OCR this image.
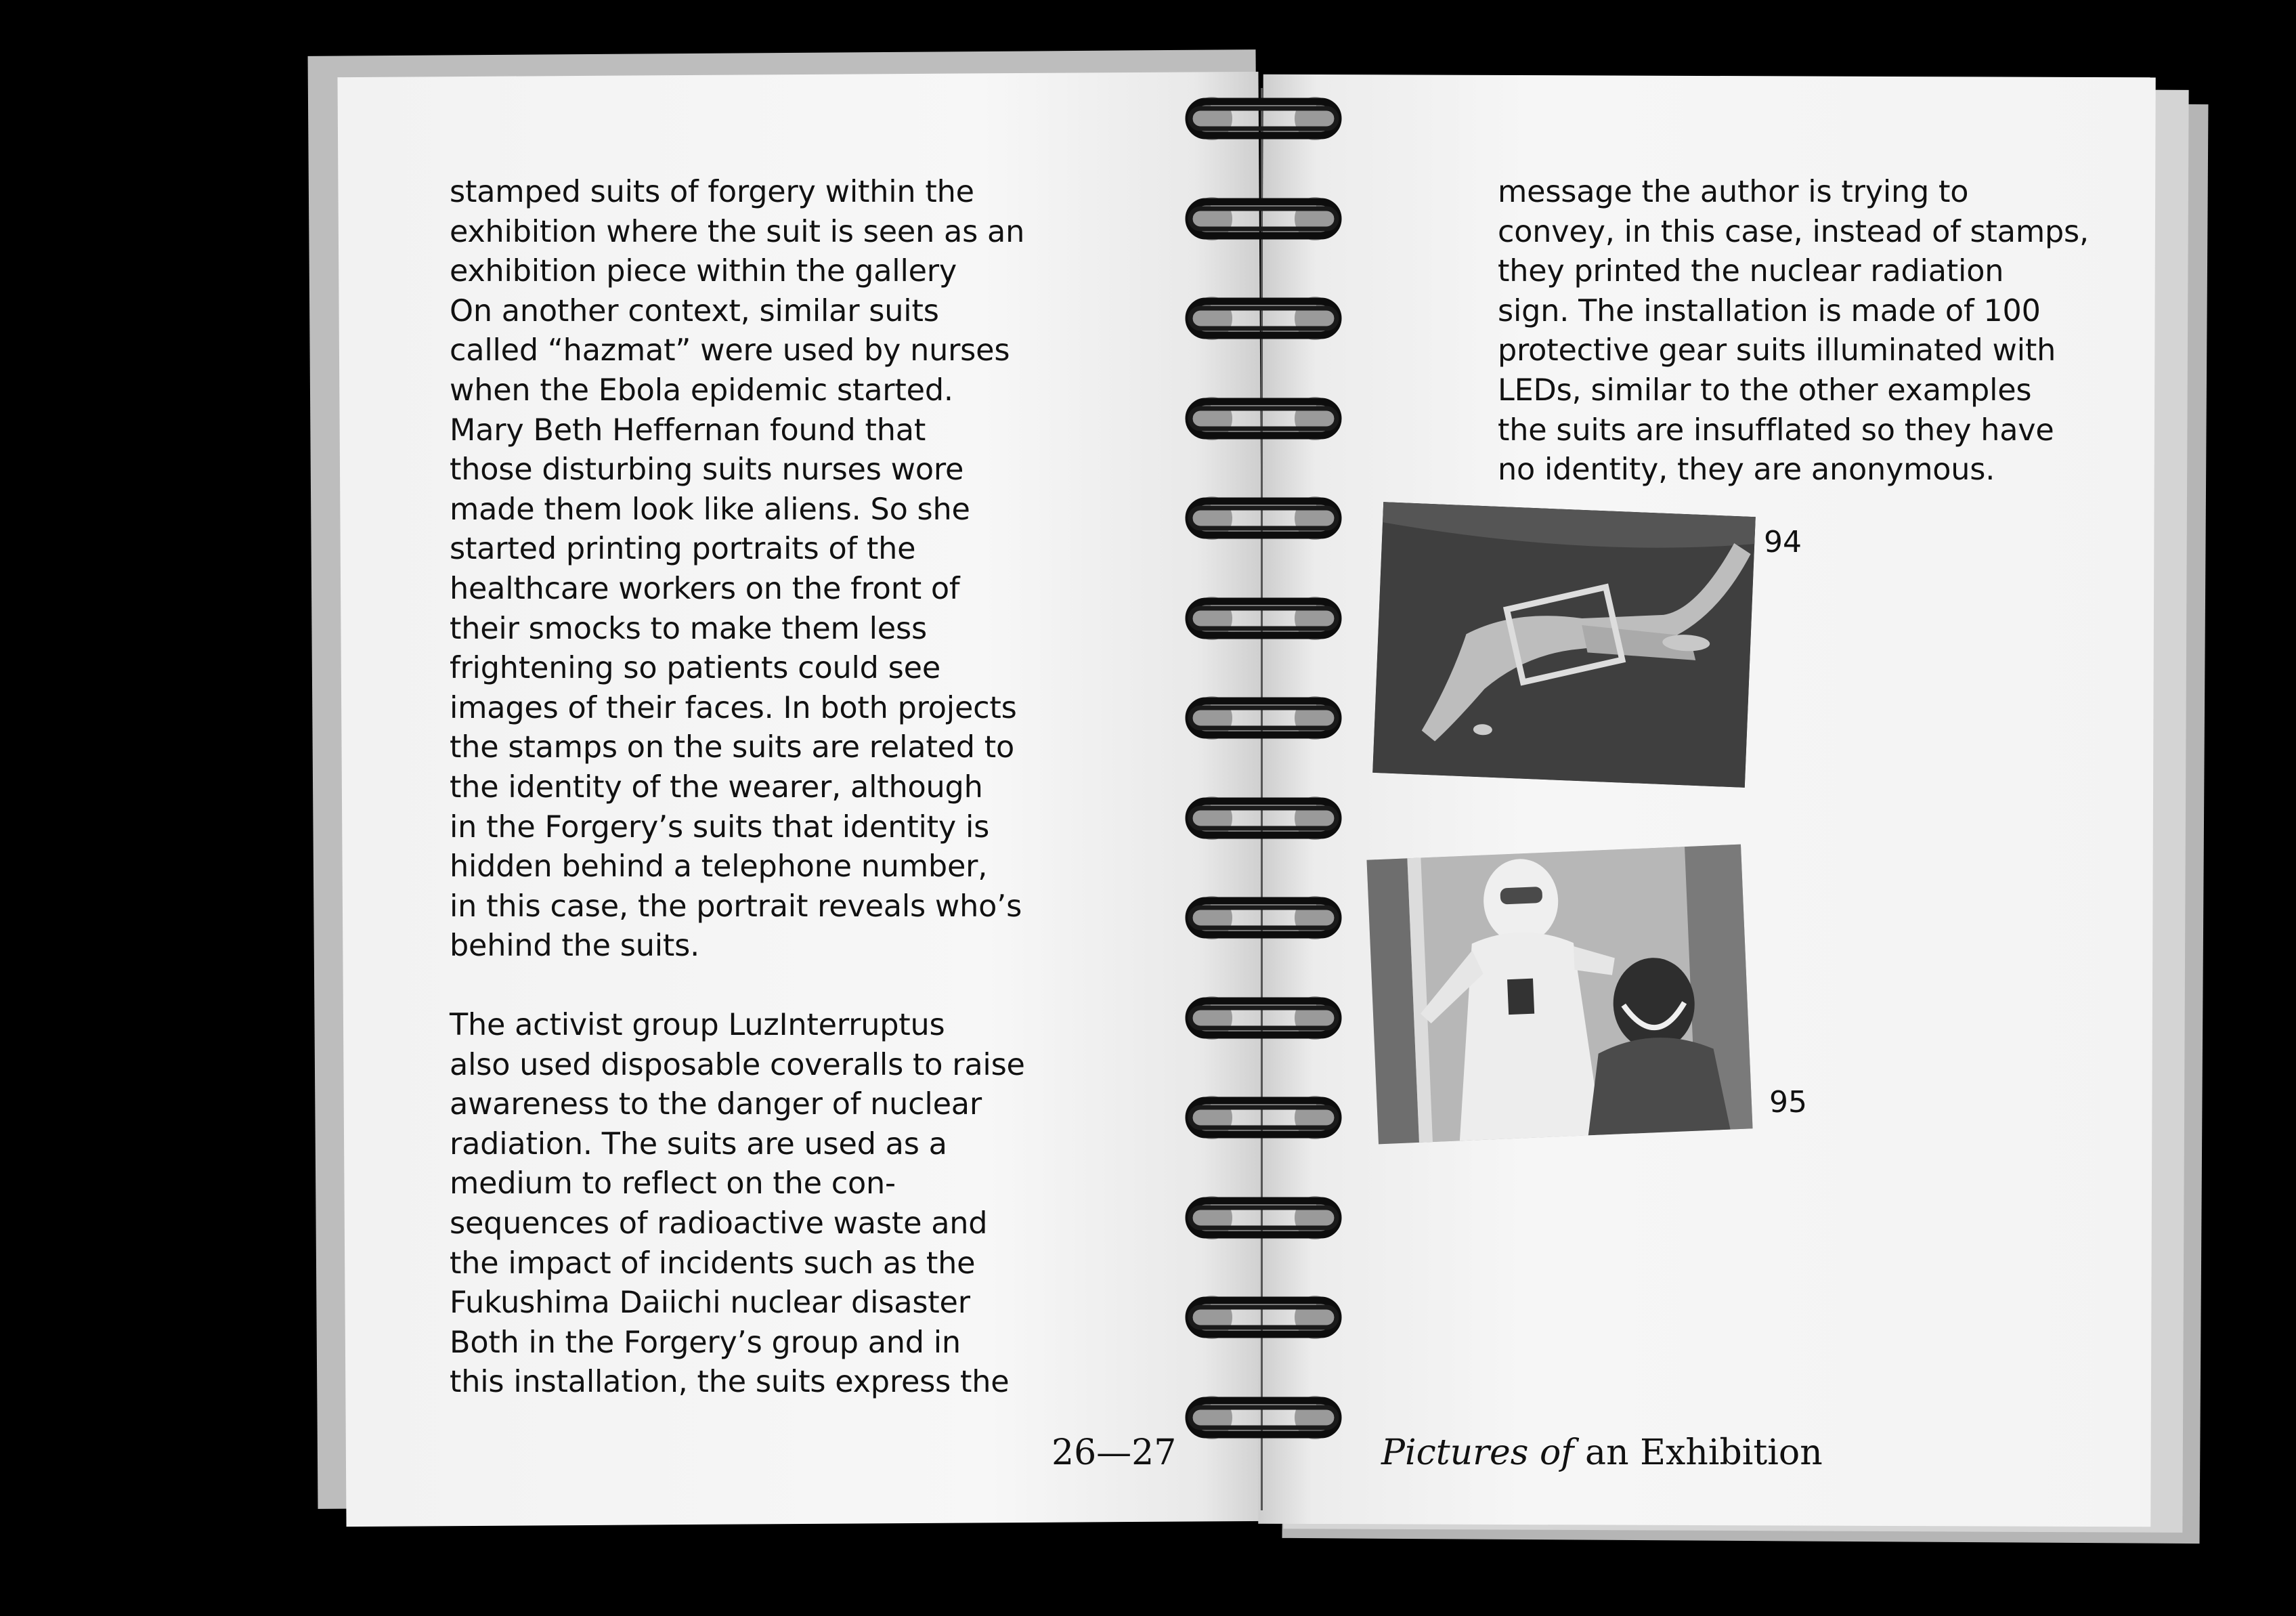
stamped suits of forgery within the
exhibition where the suit is seen as an
exhibition piece within the gallery
On another context, similar suits
called “hazmat” were used by nurses
when the Ebola epidemic started.
Mary Beth Heffernan found that
those disturbing suits nurses wore
made them look like aliens. So she
started printing portraits of the
healthcare workers on the front of
their smocks to make them less
frightening so patients could see
images of their faces. In both projects
the stamps on the suits are related to
the identity of the wearer, although
in the Forgery’s suits that identity is
hidden behind a telephone number,
in this case, the portrait reveals who’s
behind the suits.

The activist group LuzInterruptus
also used disposable coveralls to raise
awareness to the danger of nuclear
radiation. The suits are used as a
medium to reflect on the con-
sequences of radioactive waste and
the impact of incidents such as the
Fukushima Daiichi nuclear disaster
Both in the Forgery’s group and in
this installation, the suits express the

message the author is trying to
convey, in this case, instead of stamps,
they printed the nuclear radiation
sign. The installation is made of 100
protective gear suits illuminated with
LEDs, similar to the other examples
the suits are insufflated so they have
no identity, they are anonymous.

94
95
26—27	Pictures of an Exhibition
